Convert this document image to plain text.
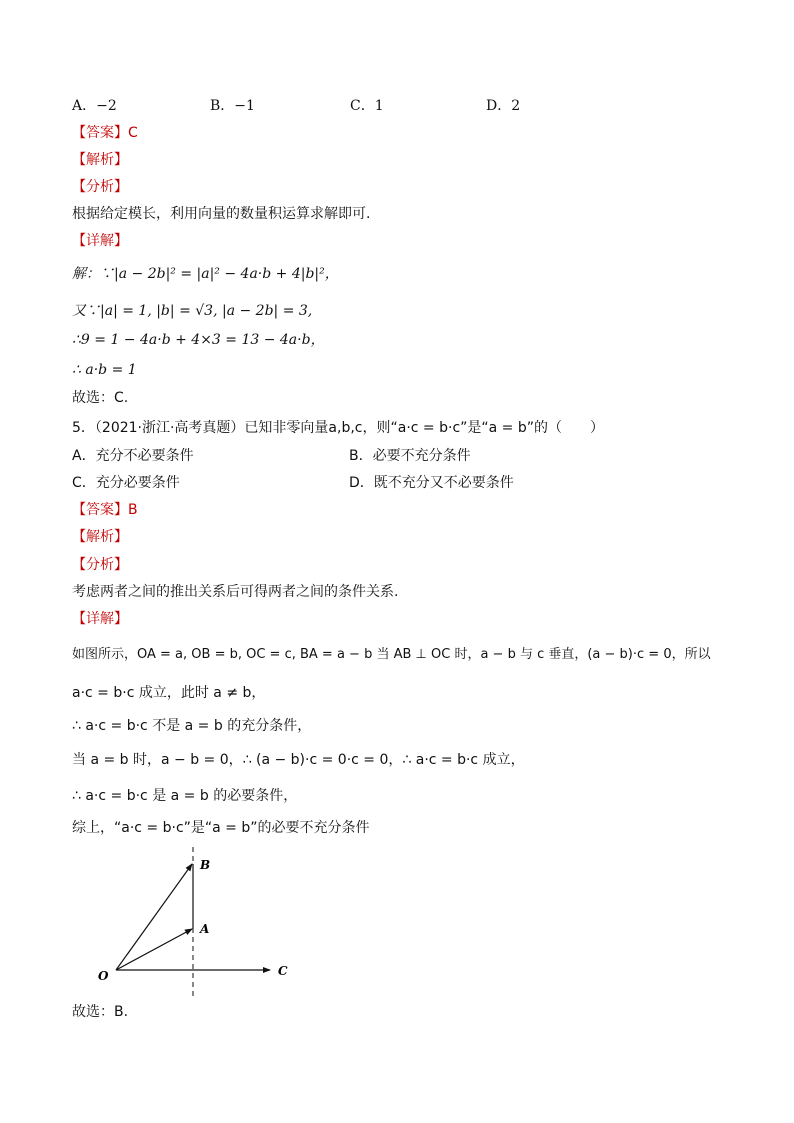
A．−2	B．−1	C．1	D．2
【答案】C
【解析】
【分析】
根据给定模长，利用向量的数量积运算求解即可.
【详解】
解：∵|a − 2b|² = |a|² − 4a·b + 4|b|²，
又∵|a| = 1, |b| = √3, |a − 2b| = 3,
∴9 = 1 − 4a·b + 4×3 = 13 − 4a·b，
∴ a·b = 1
故选：C.
5．（2021·浙江·高考真题）已知非零向量a,b,c，则“a·c = b·c”是“a = b”的（　　）
A．充分不必要条件	B．必要不充分条件
C．充分必要条件	D．既不充分又不必要条件
【答案】B
【解析】
【分析】
考虑两者之间的推出关系后可得两者之间的条件关系.
【详解】
如图所示，OA = a, OB = b, OC = c, BA = a − b 当 AB ⊥ OC 时，a − b 与 c 垂直，(a − b)·c = 0，所以
a·c = b·c 成立，此时 a ≠ b，
∴ a·c = b·c 不是 a = b 的充分条件，
当 a = b 时，a − b = 0，∴ (a − b)·c = 0·c = 0，∴ a·c = b·c 成立，
∴ a·c = b·c 是 a = b 的必要条件，
综上，“a·c = b·c”是“a = b”的必要不充分条件
O
A
B
C
故选：B.
